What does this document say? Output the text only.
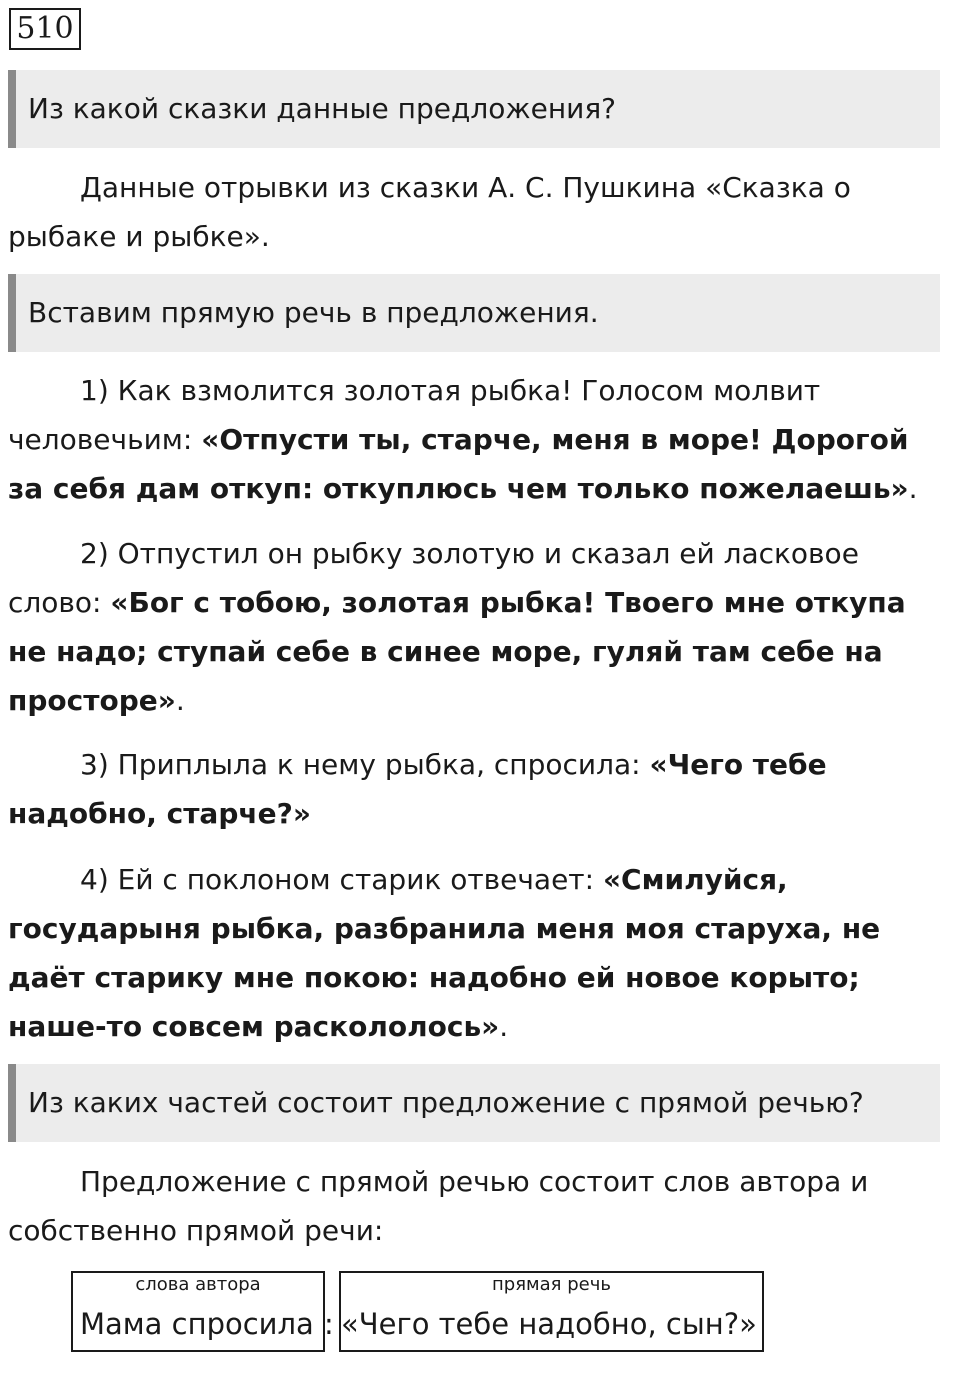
510
Из какой сказки данные предложения?

Данные отрывки из сказки А. С. Пушкина «Сказка о рыбаке и рыбке».

Вставим прямую речь в предложения.

1) Как взмолится золотая рыбка! Голосом молвит человечьим: «Отпусти ты, старче, меня в море! Дорогой за себя дам откуп: откуплюсь чем только пожелаешь».

2) Отпустил он рыбку золотую и сказал ей ласковое слово: «Бог с тобою, золотая рыбка! Твоего мне откупа не надо; ступай себе в синее море, гуляй там себе на просторе».

3) Приплыла к нему рыбка, спросила: «Чего тебе надобно, старче?»

4) Ей с поклоном старик отвечает: «Смилуйся, государыня рыбка, разбранила меня моя старуха, не даёт старику мне покою: надобно ей новое корыто; наше-то совсем раскололось».

Из каких частей состоит предложение с прямой речью?

Предложение с прямой речью состоит слов автора и собственно прямой речи:

слова автора	прямая речь
Мама спросила : «Чего тебе надобно, сын?»
